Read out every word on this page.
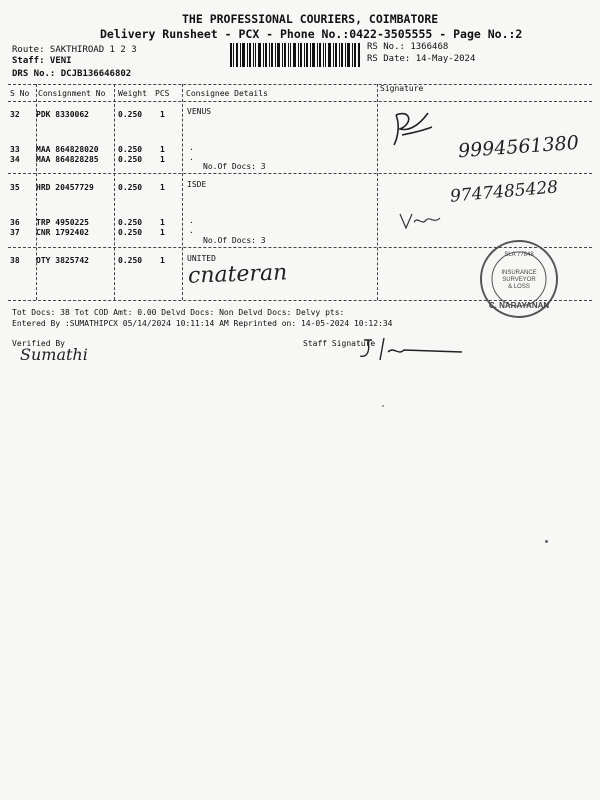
THE PROFESSIONAL COURIERS, COIMBATORE
Delivery Runsheet - PCX - Phone No.:0422-3505555 - Page No.:2
Route: SAKTHIROAD 1 2 3
Staff: VENI
DRS No.: DCJB136646802
RS No.: 1366468
RS Date: 14-May-2024
S No Consignment No Weight PCS Consignee Details
Signature
32 PDK 8330062	0.250 1	VENUS
33 MAA 864828020 0.250 1	.
34 MAA 864828285 0.250 1	.
No.Of Docs: 3
35 HRD 20457729	0.250 1	ISDE
36 TRP 4950225	0.250 1	.
37 CNR 1792402	0.250 1	.
No.Of Docs: 3
38 OTY 3825742	0.250 1	UNITED
9994561380
9747485428
cnateran	INSURANCE
SURVEYOR
& LOSS
SLA 77848
C. NARAYANAN
Tot Docs: 38 Tot COD Amt: 0.00 Delvd Docs: Non Delvd Docs: Delvy pts:
Entered By :SUMATHIPCX 05/14/2024 10:11:14 AM Reprinted on: 14-05-2024 10:12:34
Verified By	Staff Signature
Sumathi
